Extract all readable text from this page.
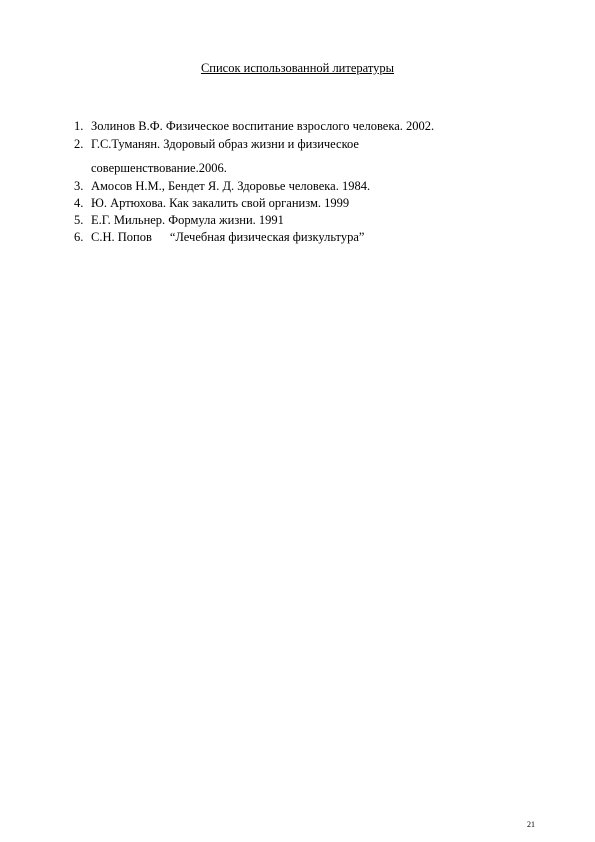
Список использованной литературы
1. Золинов В.Ф. Физическое воспитание взрослого человека. 2002.
2. Г.С.Туманян. Здоровый образ жизни и физическое
совершенствование.2006.
3. Амосов Н.М., Бендет Я. Д. Здоровье человека. 1984.
4. Ю. Артюхова. Как закалить свой организм. 1999
5. Е.Г. Мильнер. Формула жизни. 1991
6. С.Н. Попов “Лечебная физическая физкультура”
21
